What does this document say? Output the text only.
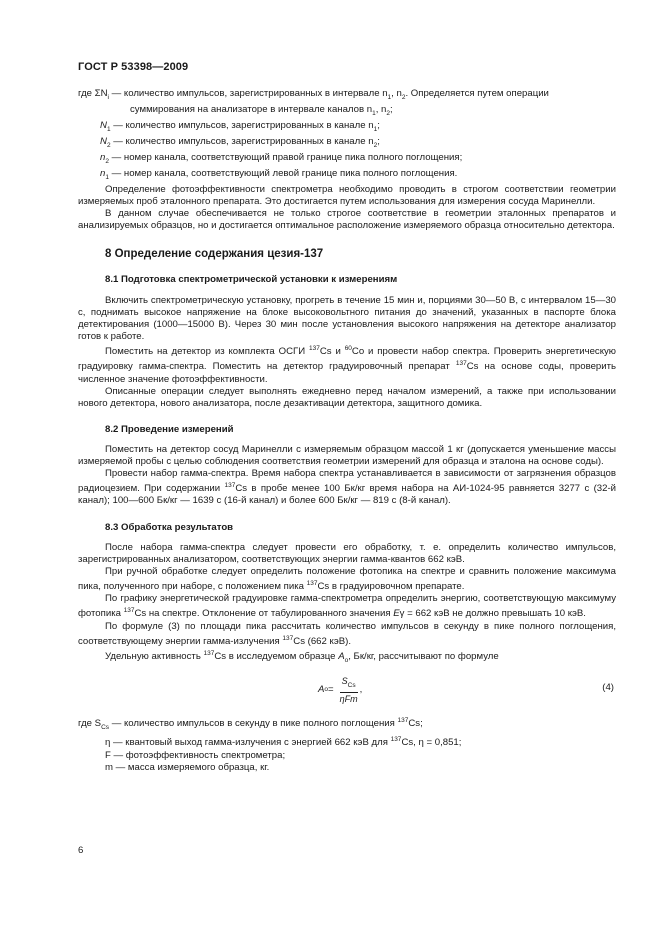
ГОСТ Р 53398—2009

где $\Sigma N_i$ — количество импульсов, зарегистрированных в интервале $n_1$, $n_2$. Определяется путем операции

суммирования на анализаторе в интервале каналов $n_1$, $n_2$;

$N_1$ — количество импульсов, зарегистрированных в канале $n_1$;

$N_2$ — количество импульсов, зарегистрированных в канале $n_2$;

$n_2$ — номер канала, соответствующий правой границе пика полного поглощения;

$n_1$ — номер канала, соответствующий левой границе пика полного поглощения.

Определение фотоэффективности спектрометра необходимо проводить в строгом соответствии геометрии измеряемых проб эталонного препарата. Это достигается путем использования для измерения сосуда Маринелли.

В данном случае обеспечивается не только строгое соответствие в геометрии эталонных препаратов и анализируемых образцов, но и достигается оптимальное расположение измеряемого образца относительно детектора.

8 Определение содержания цезия-137
8.1 Подготовка спектрометрической установки к измерениям

Включить спектрометрическую установку, прогреть в течение 15 мин и, порциями 30—50 В, с интервалом 15—30 с, поднимать высокое напряжение на блоке высоковольтного питания до значений, указанных в паспорте блока детектирования (1000—15000 В). Через 30 мин после установления высокого напряжения на детекторе анализатор готов к работе.

Поместить на детектор из комплекта ОСГИ $^{137}$Cs и $^{60}$Co и провести набор спектра. Проверить энергетическую градуировку гамма-спектра. Поместить на детектор градуировочный препарат $^{137}$Cs на основе соды, проверить численное значение фотоэффективности.

Описанные операции следует выполнять ежедневно перед началом измерений, а также при использовании нового детектора, нового анализатора, после дезактивации детектора, защитного домика.

8.2 Проведение измерений

Поместить на детектор сосуд Маринелли с измеряемым образцом массой 1 кг (допускается уменьшение массы измеряемой пробы с целью соблюдения соответствия геометрии измерений для образца и эталона на основе соды).

Провести набор гамма-спектра. Время набора спектра устанавливается в зависимости от загрязнения образцов радиоцезием. При содержании $^{137}$Cs в пробе менее 100 Бк/кг время набора на АИ-1024-95 равняется 3277 с (32-й канал); 100—600 Бк/кг — 1639 с (16-й канал) и более 600 Бк/кг — 819 с (8-й канал).

8.3 Обработка результатов

После набора гамма-спектра следует провести его обработку, т. е. определить количество импульсов, зарегистрированных анализатором, соответствующих энергии гамма-квантов 662 кэВ.

При ручной обработке следует определить положение фотопика на спектре и сравнить положение максимума пика, полученного при наборе, с положением пика $^{137}$Cs в градуировочном препарате.

По графику энергетической градуировке гамма-спектрометра определить энергию, соответствующую максимуму фотопика $^{137}$Cs на спектре. Отклонение от табулированного значения Eγ = 662 кэВ не должно превышать 10 кэВ.

По формуле (3) по площади пика рассчитать количество импульсов в секунду в пике полного поглощения, соответствующему энергии гамма-излучения $^{137}$Cs (662 кэВ).

Удельную активность $^{137}$Cs в исследуемом образце $A_o$, Бк/кг, рассчитывают по формуле

A $o = \frac{S_{Cs}}{\text{ηFm}}$ ,	(4)

где $S_{Cs}$ — количество импульсов в секунду в пике полного поглощения $^{137}$Cs;

η — квантовый выход гамма-излучения с энергией 662 кэВ для $^{137}$Cs, η = 0,851;

F — фотоэффективность спектрометра;

m — масса измеряемого образца, кг.

6
